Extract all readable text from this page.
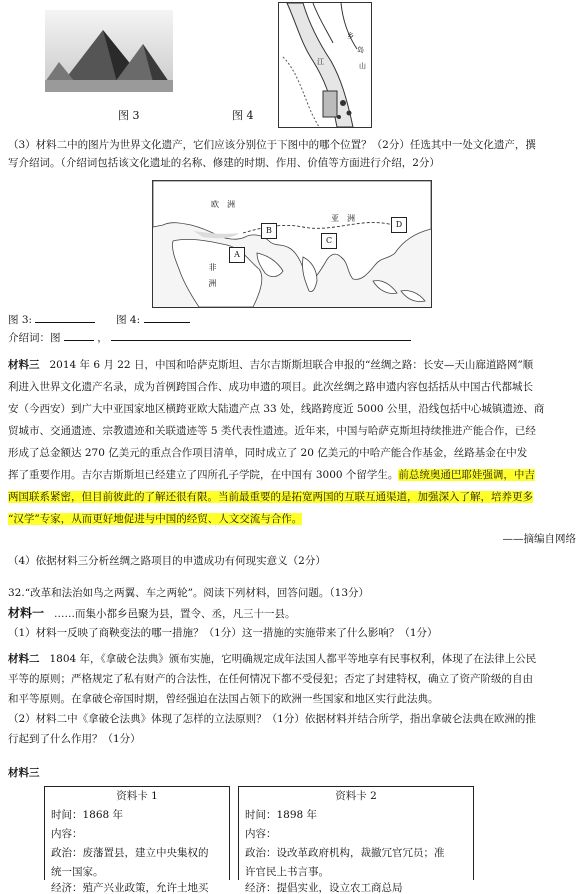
图 3
乡
岛
山
江
图 4
（3）材料二中的图片为世界文化遗产，它们应该分别位于下图中的哪个位置？（2分）任选其中一处文化遗产，撰
写介绍词。（介绍词包括该文化遗址的名称、修建的时期、作用、价值等方面进行介绍，2分）
欧　洲
亚　洲
非　洲
A
B
C
D
图 3:	图 4:
介绍词：图	，
材料三 2014 年 6 月 22 日，中国和哈萨克斯坦、吉尔吉斯斯坦联合申报的“丝绸之路：长安—天山廊道路网”顺
利进入世界文化遗产名录，成为首例跨国合作、成功申遗的项目。此次丝绸之路申遗内容包括括从中国古代都城长
安（今西安）到广大中亚国家地区横跨亚欧大陆遗产点 33 处，线路跨度近 5000 公里，沿线包括中心城镇遗迹、商
贸城市、交通遗迹、宗教遗迹和关联遗迹等 5 类代表性遗迹。近年来，中国与哈萨克斯坦持续推进产能合作，已经
形成了总金额达 270 亿美元的重点合作项目清单，同时成立了 20 亿美元的中哈产能合作基金，丝路基金在中发
挥了重要作用。吉尔吉斯斯坦已经建立了四所孔子学院，在中国有 3000 个留学生。前总统奥通巴耶娃强调，中吉
两国联系紧密，但目前彼此的了解还很有限。当前最重要的是拓宽两国的互联互通渠道，加强深入了解，培养更多
“汉学”专家，从而更好地促进与中国的经贸、人文交流与合作。
——摘编自网络
（4）依据材料三分析丝绸之路项目的申遗成功有何现实意义（2分）
32.“改革和法治如鸟之两翼、车之两轮”。阅读下列材料，回答问题。（13分）
材料一 ……而集小都乡邑聚为县，置令、丞，凡三十一县。
（1）材料一反映了商鞅变法的哪一措施？（1分）这一措施的实施带来了什么影响？（1分）
材料二 1804 年，《拿破仑法典》颁布实施，它明确规定成年法国人都平等地享有民事权利，体现了在法律上公民
平等的原则；严格规定了私有财产的合法性，在任何情况下都不受侵犯；否定了封建特权，确立了资产阶级的自由
和平等原则。在拿破仑帝国时期，曾经强迫在法国占领下的欧洲一些国家和地区实行此法典。
（2）材料二中《拿破仑法典》体现了怎样的立法原则？（1分）依据材料并结合所学，指出拿破仑法典在欧洲的推
行起到了什么作用？（1分）
材料三
资料卡 1
时间：1868 年
内容：
政治：废藩置县，建立中央集权的
统一国家。
经济：殖产兴业政策，允许土地买
资料卡 2
时间：1898 年
内容：
政治：设改革政府机构，裁撤冗官冗员；准
许官民上书言事。
经济：提倡实业，设立农工商总局
